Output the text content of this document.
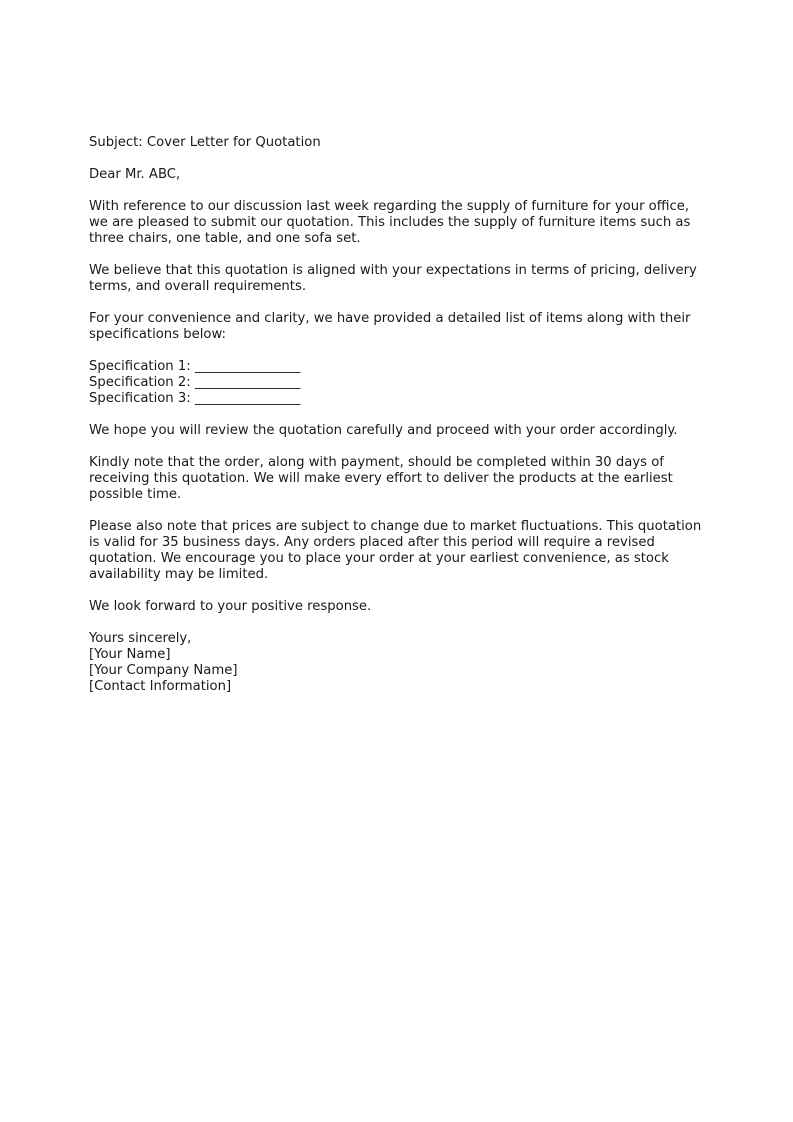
Subject: Cover Letter for Quotation

Dear Mr. ABC,

With reference to our discussion last week regarding the supply of furniture for your office, we are pleased to submit our quotation. This includes the supply of furniture items such as three chairs, one table, and one sofa set.

We believe that this quotation is aligned with your expectations in terms of pricing, delivery terms, and overall requirements.

For your convenience and clarity, we have provided a detailed list of items along with their specifications below:

Specification 1: ________________
Specification 2: ________________
Specification 3: ________________

We hope you will review the quotation carefully and proceed with your order accordingly.

Kindly note that the order, along with payment, should be completed within 30 days of receiving this quotation. We will make every effort to deliver the products at the earliest possible time.

Please also note that prices are subject to change due to market fluctuations. This quotation is valid for 35 business days. Any orders placed after this period will require a revised quotation. We encourage you to place your order at your earliest convenience, as stock availability may be limited.

We look forward to your positive response.

Yours sincerely,
[Your Name]
[Your Company Name]
[Contact Information]
